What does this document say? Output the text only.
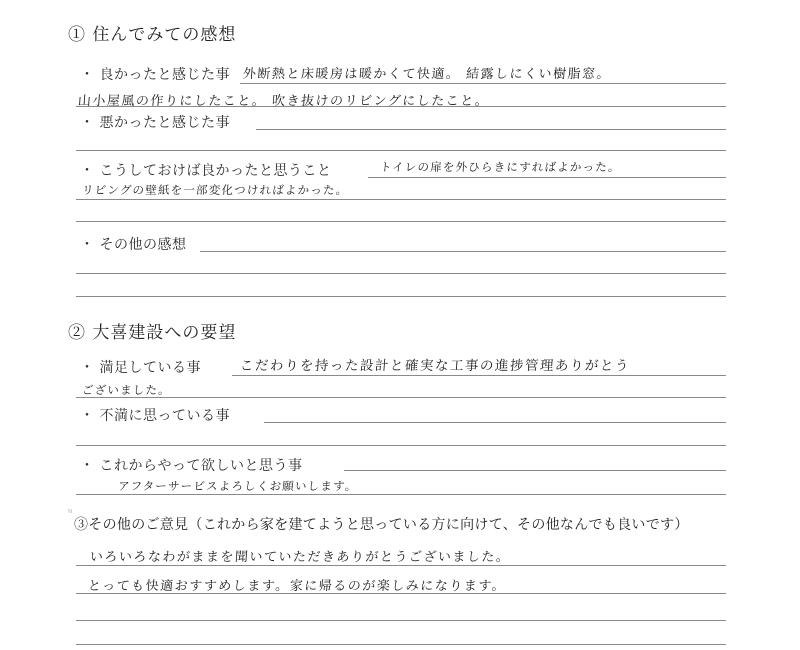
① 住んでみての感想
・ 良かったと感じた事 外断熱と床暖房は暖かくて快適。 結露しにくい樹脂窓。
山小屋風の作りにしたこと。 吹き抜けのリビングにしたこと。
・ 悪かったと感じた事
・ こうしておけば良かったと思うこと	トイレの扉を外ひらきにすればよかった。
リビングの壁紙を一部変化つければよかった。
・ その他の感想
② 大喜建設への要望
・ 満足している事	こだわりを持った設計と確実な工事の進捗管理ありがとう
ございました。
・ 不満に思っている事
・ これからやって欲しいと思う事
アフターサービスよろしくお願いします。
ᴺ
③その他のご意見（これから家を建てようと思っている方に向けて、その他なんでも良いです）
いろいろなわがままを聞いていただきありがとうございました。
とっても快適おすすめします。家に帰るのが楽しみになります。
